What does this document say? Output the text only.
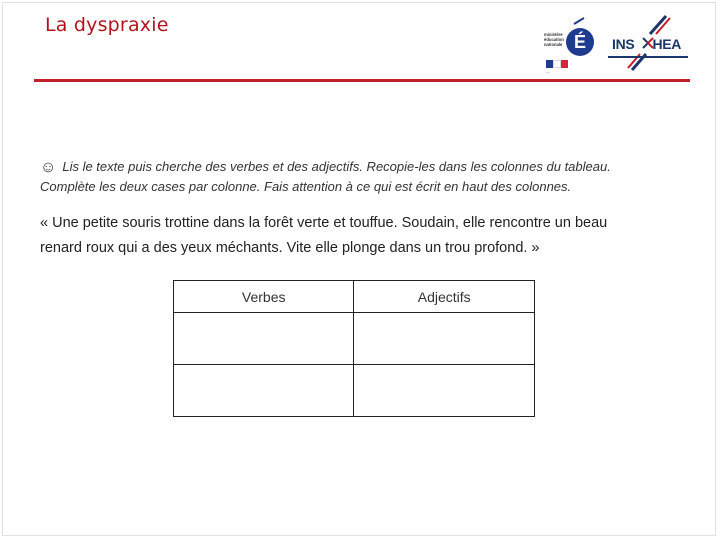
La dyspraxie
É
ministère
éducation
nationale
—
INS HEA
☺ Lis le texte puis cherche des verbes et des adjectifs. Recopie-les dans les colonnes du tableau.
Complète les deux cases par colonne. Fais attention à ce qui est écrit en haut des colonnes.
« Une petite souris trottine dans la forêt verte et touffue. Soudain, elle rencontre un beau
renard roux qui a des yeux méchants. Vite elle plonge dans un trou profond. »
Verbes	Adjectifs
